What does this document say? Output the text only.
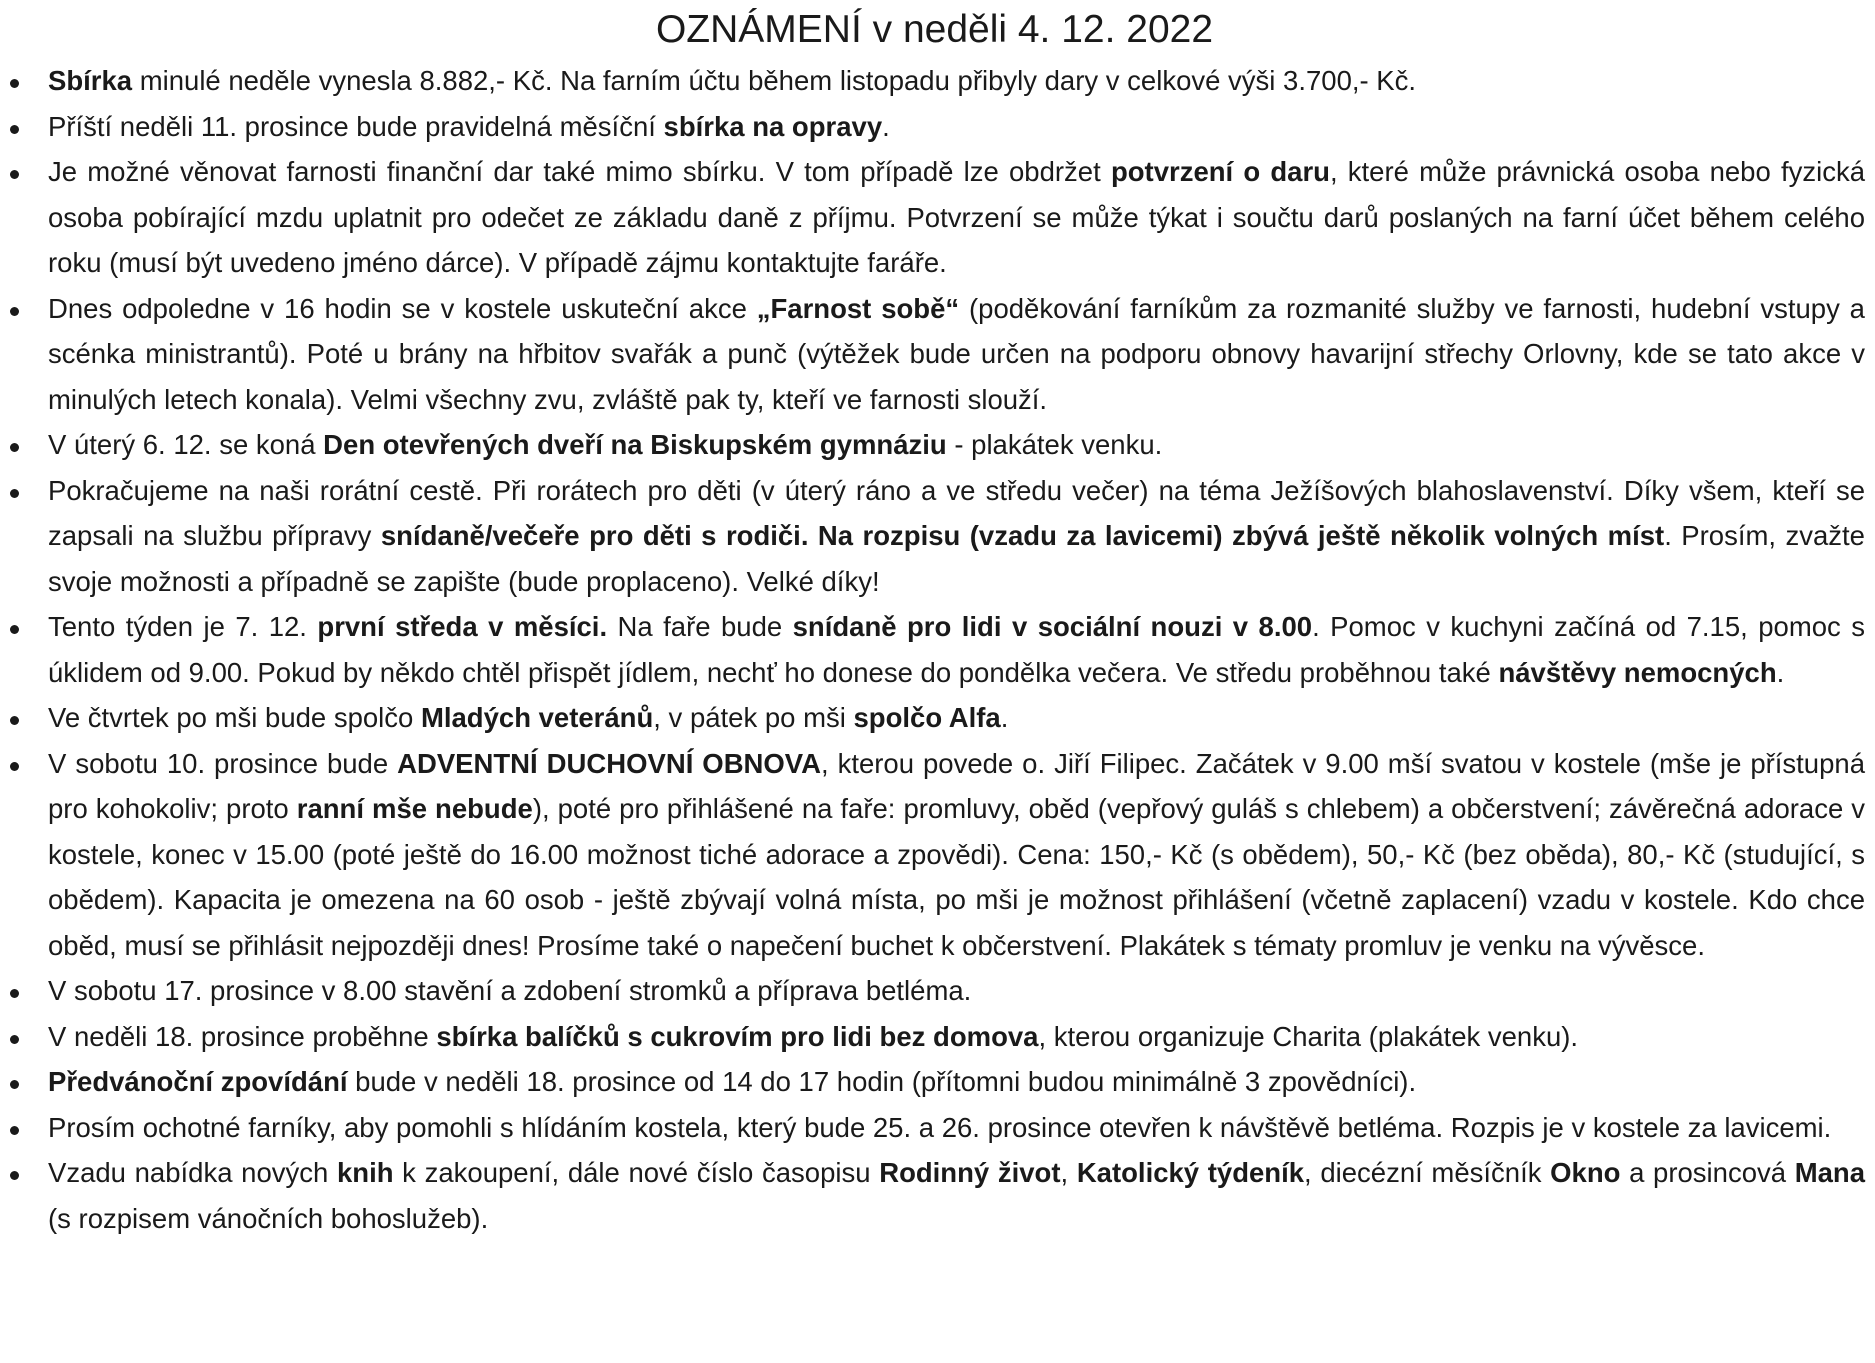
OZNÁMENÍ v neděli 4. 12. 2022
Sbírka minulé neděle vynesla 8.882,- Kč. Na farním účtu během listopadu přibyly dary v celkové výši 3.700,- Kč.
Příští neděli 11. prosince bude pravidelná měsíční sbírka na opravy.
Je možné věnovat farnosti finanční dar také mimo sbírku. V tom případě lze obdržet potvrzení o daru, které může právnická osoba nebo fyzická osoba pobírající mzdu uplatnit pro odečet ze základu daně z příjmu. Potvrzení se může týkat i součtu darů poslaných na farní účet během celého roku (musí být uvedeno jméno dárce). V případě zájmu kontaktujte faráře.
Dnes odpoledne v 16 hodin se v kostele uskuteční akce „Farnost sobě“ (poděkování farníkům za rozmanité služby ve farnosti, hudební vstupy a scénka ministrantů). Poté u brány na hřbitov svařák a punč (výtěžek bude určen na podporu obnovy havarijní střechy Orlovny, kde se tato akce v minulých letech konala). Velmi všechny zvu, zvláště pak ty, kteří ve farnosti slouží.
V úterý 6. 12. se koná Den otevřených dveří na Biskupském gymnáziu - plakátek venku.
Pokračujeme na naši rorátní cestě. Při rorátech pro děti (v úterý ráno a ve středu večer) na téma Ježíšových blahoslavenství. Díky všem, kteří se zapsali na službu přípravy snídaně/večeře pro děti s rodiči. Na rozpisu (vzadu za lavicemi) zbývá ještě několik volných míst. Prosím, zvažte svoje možnosti a případně se zapište (bude proplaceno). Velké díky!
Tento týden je 7. 12. první středa v měsíci. Na faře bude snídaně pro lidi v sociální nouzi v 8.00. Pomoc v kuchyni začíná od 7.15, pomoc s úklidem od 9.00. Pokud by někdo chtěl přispět jídlem, nechť ho donese do pondělka večera. Ve středu proběhnou také návštěvy nemocných.
Ve čtvrtek po mši bude spolčo Mladých veteránů, v pátek po mši spolčo Alfa.
V sobotu 10. prosince bude ADVENTNÍ DUCHOVNÍ OBNOVA, kterou povede o. Jiří Filipec. Začátek v 9.00 mší svatou v kostele (mše je přístupná pro kohokoliv; proto ranní mše nebude), poté pro přihlášené na faře: promluvy, oběd (vepřový guláš s chlebem) a občerstvení; závěrečná adorace v kostele, konec v 15.00 (poté ještě do 16.00 možnost tiché adorace a zpovědi). Cena: 150,- Kč (s obědem), 50,- Kč (bez oběda), 80,- Kč (studující, s obědem). Kapacita je omezena na 60 osob - ještě zbývají volná místa, po mši je možnost přihlášení (včetně zaplacení) vzadu v kostele. Kdo chce oběd, musí se přihlásit nejpozději dnes! Prosíme také o napečení buchet k občerstvení. Plakátek s tématy promluv je venku na vývěsce.
V sobotu 17. prosince v 8.00 stavění a zdobení stromků a příprava betléma.
V neděli 18. prosince proběhne sbírka balíčků s cukrovím pro lidi bez domova, kterou organizuje Charita (plakátek venku).
Předvánoční zpovídání bude v neděli 18. prosince od 14 do 17 hodin (přítomni budou minimálně 3 zpovědníci).
Prosím ochotné farníky, aby pomohli s hlídáním kostela, který bude 25. a 26. prosince otevřen k návštěvě betléma. Rozpis je v kostele za lavicemi.
Vzadu nabídka nových knih k zakoupení, dále nové číslo časopisu Rodinný život, Katolický týdeník, diecézní měsíčník Okno a prosincová Mana (s rozpisem vánočních bohoslužeb).
